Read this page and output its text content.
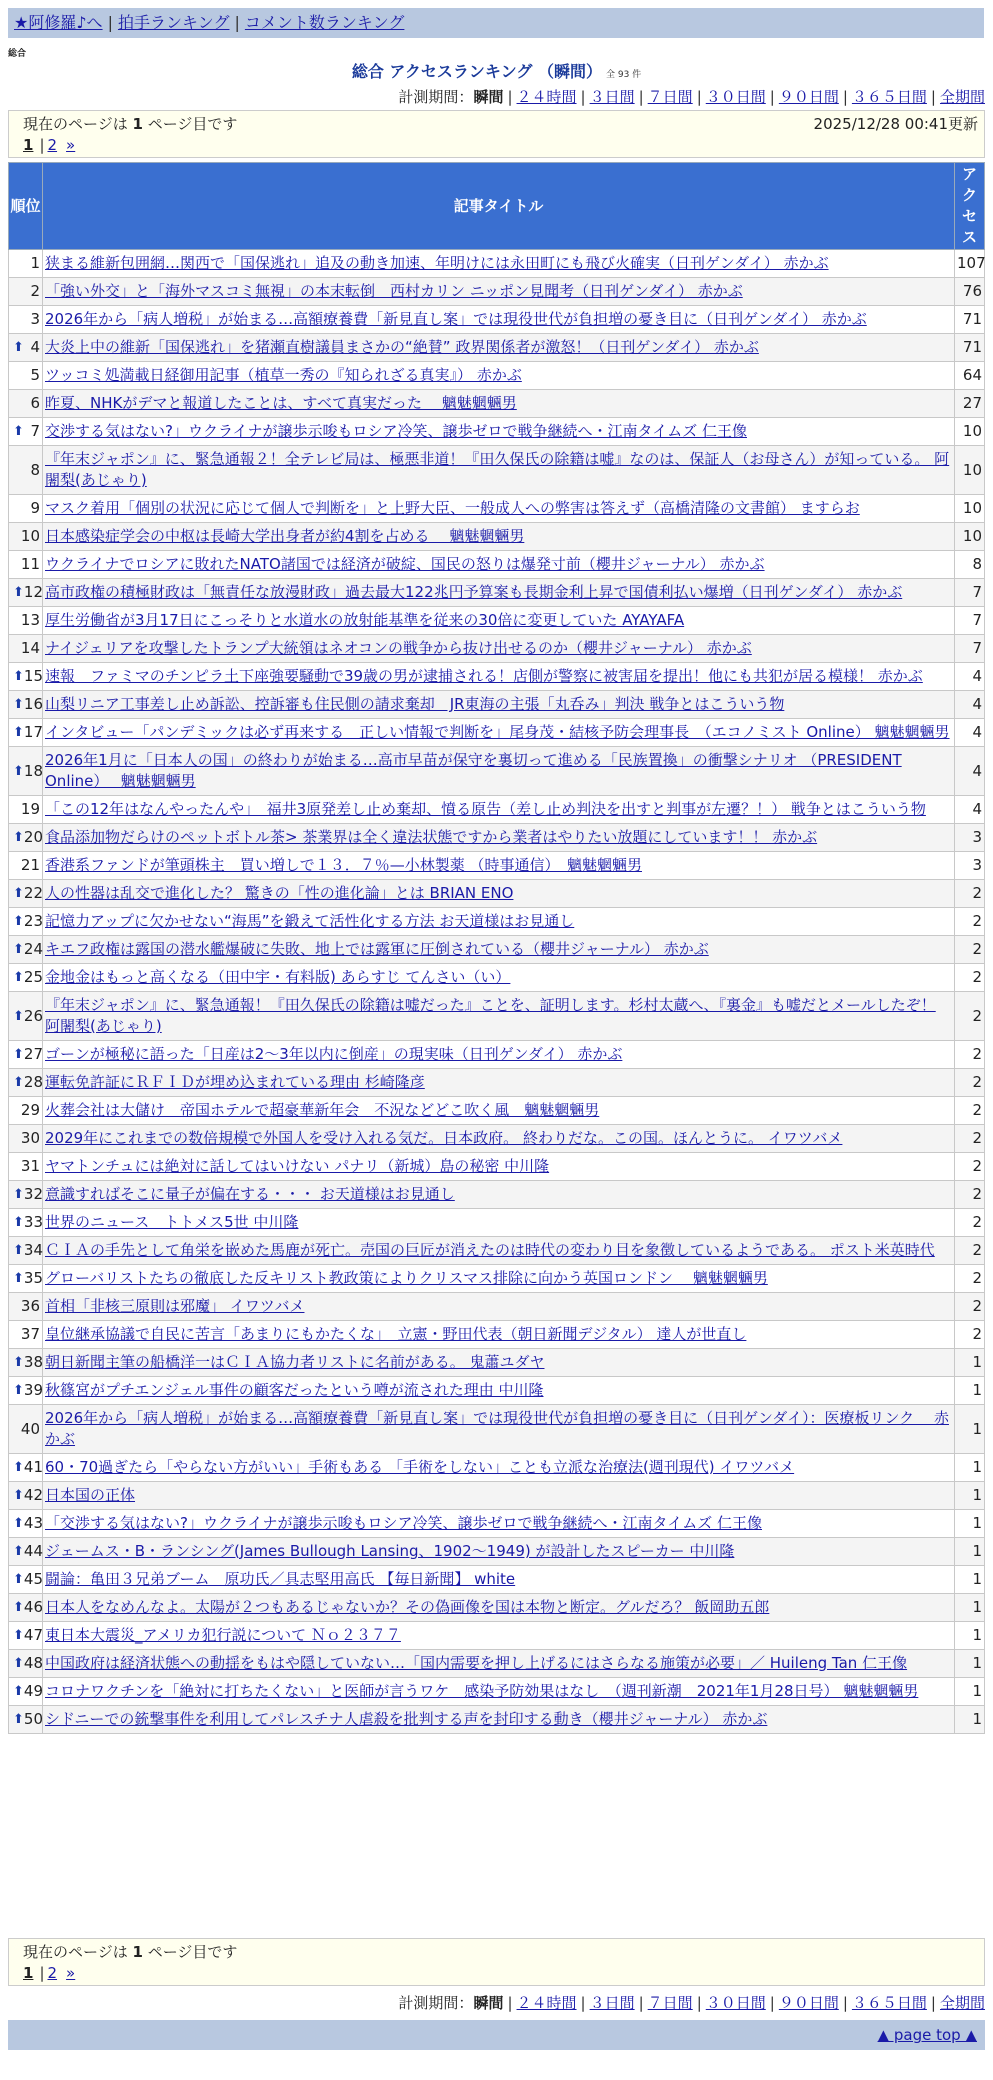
★阿修羅♪へ | 拍手ランキング | コメント数ランキング
総合
総合 アクセスランキング （瞬間） 全 93 件
計測期間：瞬間 | ２４時間 | ３日間 | ７日間 | ３０日間 | ９０日間 | ３６５日間 | 全期間
現在のページは 1 ページ目です	2025/12/28 00:41更新
1 | 2 »
順位	記事タイトル	アクセス
1	狭まる維新包囲網…関西で「国保逃れ」追及の動き加速、年明けには永田町にも飛び火確実（日刊ゲンダイ） 赤かぶ	107
2	「強い外交」と「海外マスコミ無視」の本末転倒　西村カリン ニッポン見聞考（日刊ゲンダイ） 赤かぶ	76
3	2026年から「病人増税」が始まる…高額療養費「新見直し案」では現役世代が負担増の憂き目に（日刊ゲンダイ） 赤かぶ	71

⬆ 4	大炎上中の維新「国保逃れ」を猪瀬直樹議員まさかの“絶賛” 政界関係者が激怒！（日刊ゲンダイ） 赤かぶ	71
5	ツッコミ処満載日経御用記事（植草一秀の『知られざる真実』） 赤かぶ	64
6	昨夏、NHKがデマと報道したことは、すべて真実だった　 魑魅魍魎男	27

⬆ 7	交渉する気はない?」ウクライナが譲歩示唆もロシア冷笑、譲歩ゼロで戦争継続へ・江南タイムズ 仁王像	10
8	『年末ジャポン』に、緊急通報２！全テレビ局は、極悪非道！『田久保氏の除籍は嘘』なのは、保証人（お母さん）が知っている。 阿闍梨(あじゃり)	10
9	マスク着用「個別の状況に応じて個人で判断を」と上野大臣、一般成人への弊害は答えず（高橋清隆の文書館） ますらお	10
10	日本感染症学会の中枢は長崎大学出身者が約4割を占める　 魑魅魍魎男	10
11	ウクライナでロシアに敗れたNATO諸国では経済が破綻、国民の怒りは爆発寸前（櫻井ジャーナル） 赤かぶ	8

⬆ 12	高市政権の積極財政は「無責任な放漫財政」過去最大122兆円予算案も長期金利上昇で国債利払い爆増（日刊ゲンダイ） 赤かぶ	7
13	厚生労働省が3月17日にこっそりと水道水の放射能基準を従来の30倍に変更していた AYAYAFA	7
14	ナイジェリアを攻撃したトランプ大統領はネオコンの戦争から抜け出せるのか（櫻井ジャーナル） 赤かぶ	7

⬆ 15	速報　ファミマのチンピラ土下座強要騒動で39歳の男が逮捕される！店側が警察に被害届を提出！他にも共犯が居る模様！ 赤かぶ	4

⬆ 16	山梨リニア工事差し止め訴訟、控訴審も住民側の請求棄却　JR東海の主張「丸呑み」判決 戦争とはこういう物	4

⬆ 17	インタビュー「パンデミックは必ず再来する　正しい情報で判断を」尾身茂・結核予防会理事長　（エコノミスト Online） 魑魅魍魎男	4

⬆ 18	2026年1月に「日本人の国」の終わりが始まる…高市早苗が保守を裏切って進める「民族置換」の衝撃シナリオ （PRESIDENT Online）　 魑魅魍魎男	4
19	「この12年はなんやったんや」　福井3原発差し止め棄却、憤る原告（差し止め判決を出すと判事が左遷？！） 戦争とはこういう物	4

⬆ 20	食品添加物だらけのペットボトル茶> 茶業界は全く違法状態ですから業者はやりたい放題にしています！！ 赤かぶ	3
21	香港系ファンドが筆頭株主　買い増しで１３．７％—小林製薬 （時事通信）　魑魅魍魎男	3

⬆ 22	人の性器は乱交で進化した？ 驚きの「性の進化論」とは BRIAN ENO	2

⬆ 23	記憶力アップに欠かせない“海馬”を鍛えて活性化する方法 お天道様はお見通し	2

⬆ 24	キエフ政権は露国の潜水艦爆破に失敗、地上では露軍に圧倒されている（櫻井ジャーナル） 赤かぶ	2

⬆ 25	金地金はもっと高くなる（田中宇・有料版) あらすじ てんさい（い）	2

⬆ 26	『年末ジャポン』に、緊急通報！『田久保氏の除籍は嘘だった』ことを、証明します。杉村太蔵へ、『裏金』も嘘だとメールしたぞ！ 阿闍梨(あじゃり)	2

⬆ 27	ゴーンが極秘に語った「日産は2〜3年以内に倒産」の現実味（日刊ゲンダイ） 赤かぶ	2

⬆ 28	運転免許証にＲＦＩＤが埋め込まれている理由 杉崎隆彦	2
29	火葬会社は大儲け　帝国ホテルで超豪華新年会　不況などどこ吹く風　魑魅魍魎男	2
30	2029年にこれまでの数倍規模で外国人を受け入れる気だ。日本政府。 終わりだな。この国。ほんとうに。 イワツバメ	2
31	ヤマトンチュには絶対に話してはいけない パナリ（新城）島の秘密 中川隆	2

⬆ 32	意識すればそこに量子が偏在する・・・ お天道様はお見通し	2

⬆ 33	世界のニュース　トトメス5世 中川隆	2

⬆ 34	ＣＩＡの手先として角栄を嵌めた馬鹿が死亡。売国の巨匠が消えたのは時代の変わり目を象徴しているようである。 ポスト米英時代	2

⬆ 35	グローバリストたちの徹底した反キリスト教政策によりクリスマス排除に向かう英国ロンドン　 魑魅魍魎男	2
36	首相「非核三原則は邪魔」 イワツバメ	2
37	皇位継承協議で自民に苦言「あまりにもかたくな」　立憲・野田代表（朝日新聞デジタル） 達人が世直し	2

⬆ 38	朝日新聞主筆の船橋洋一はＣＩＡ協力者リストに名前がある。 鬼蕭ユダヤ	1

⬆ 39	秋篠宮がプチエンジェル事件の顧客だったという噂が流された理由 中川隆	1
40	2026年から「病人増税」が始まる…高額療養費「新見直し案」では現役世代が負担増の憂き目に（日刊ゲンダイ）：医療板リンク　 赤かぶ	1

⬆ 41	60・70過ぎたら「やらない方がいい」手術もある 「手術をしない」ことも立派な治療法(週刊現代) イワツバメ	1

⬆ 42	日本国の正体	1

⬆ 43	「交渉する気はない?」ウクライナが譲歩示唆もロシア冷笑、譲歩ゼロで戦争継続へ・江南タイムズ 仁王像	1

⬆ 44	ジェームス・B・ランシング(James Bullough Lansing、1902〜1949) が設計したスピーカー 中川隆	1

⬆ 45	闘論：亀田３兄弟ブーム　原功氏／具志堅用高氏 【毎日新聞】 white	1

⬆ 46	日本人をなめんなよ。太陽が２つもあるじゃないか？その偽画像を国は本物と断定。グルだろ？ 飯岡助五郎	1

⬆ 47	東日本大震災_アメリカ犯行説について Ｎｏ２３７７	1

⬆ 48	中国政府は経済状態への動揺をもはや隠していない…「国内需要を押し上げるにはさらなる施策が必要」／ Huileng Tan 仁王像	1

⬆ 49	コロナワクチンを「絶対に打ちたくない」と医師が言うワケ　感染予防効果はなし　（週刊新潮　2021年1月28日号） 魑魅魍魎男	1

⬆ 50	シドニーでの銃撃事件を利用してパレスチナ人虐殺を批判する声を封印する動き（櫻井ジャーナル） 赤かぶ	1
現在のページは 1 ページ目です
1 | 2 »
計測期間：瞬間 | ２４時間 | ３日間 | ７日間 | ３０日間 | ９０日間 | ３６５日間 | 全期間
▲ page top ▲
